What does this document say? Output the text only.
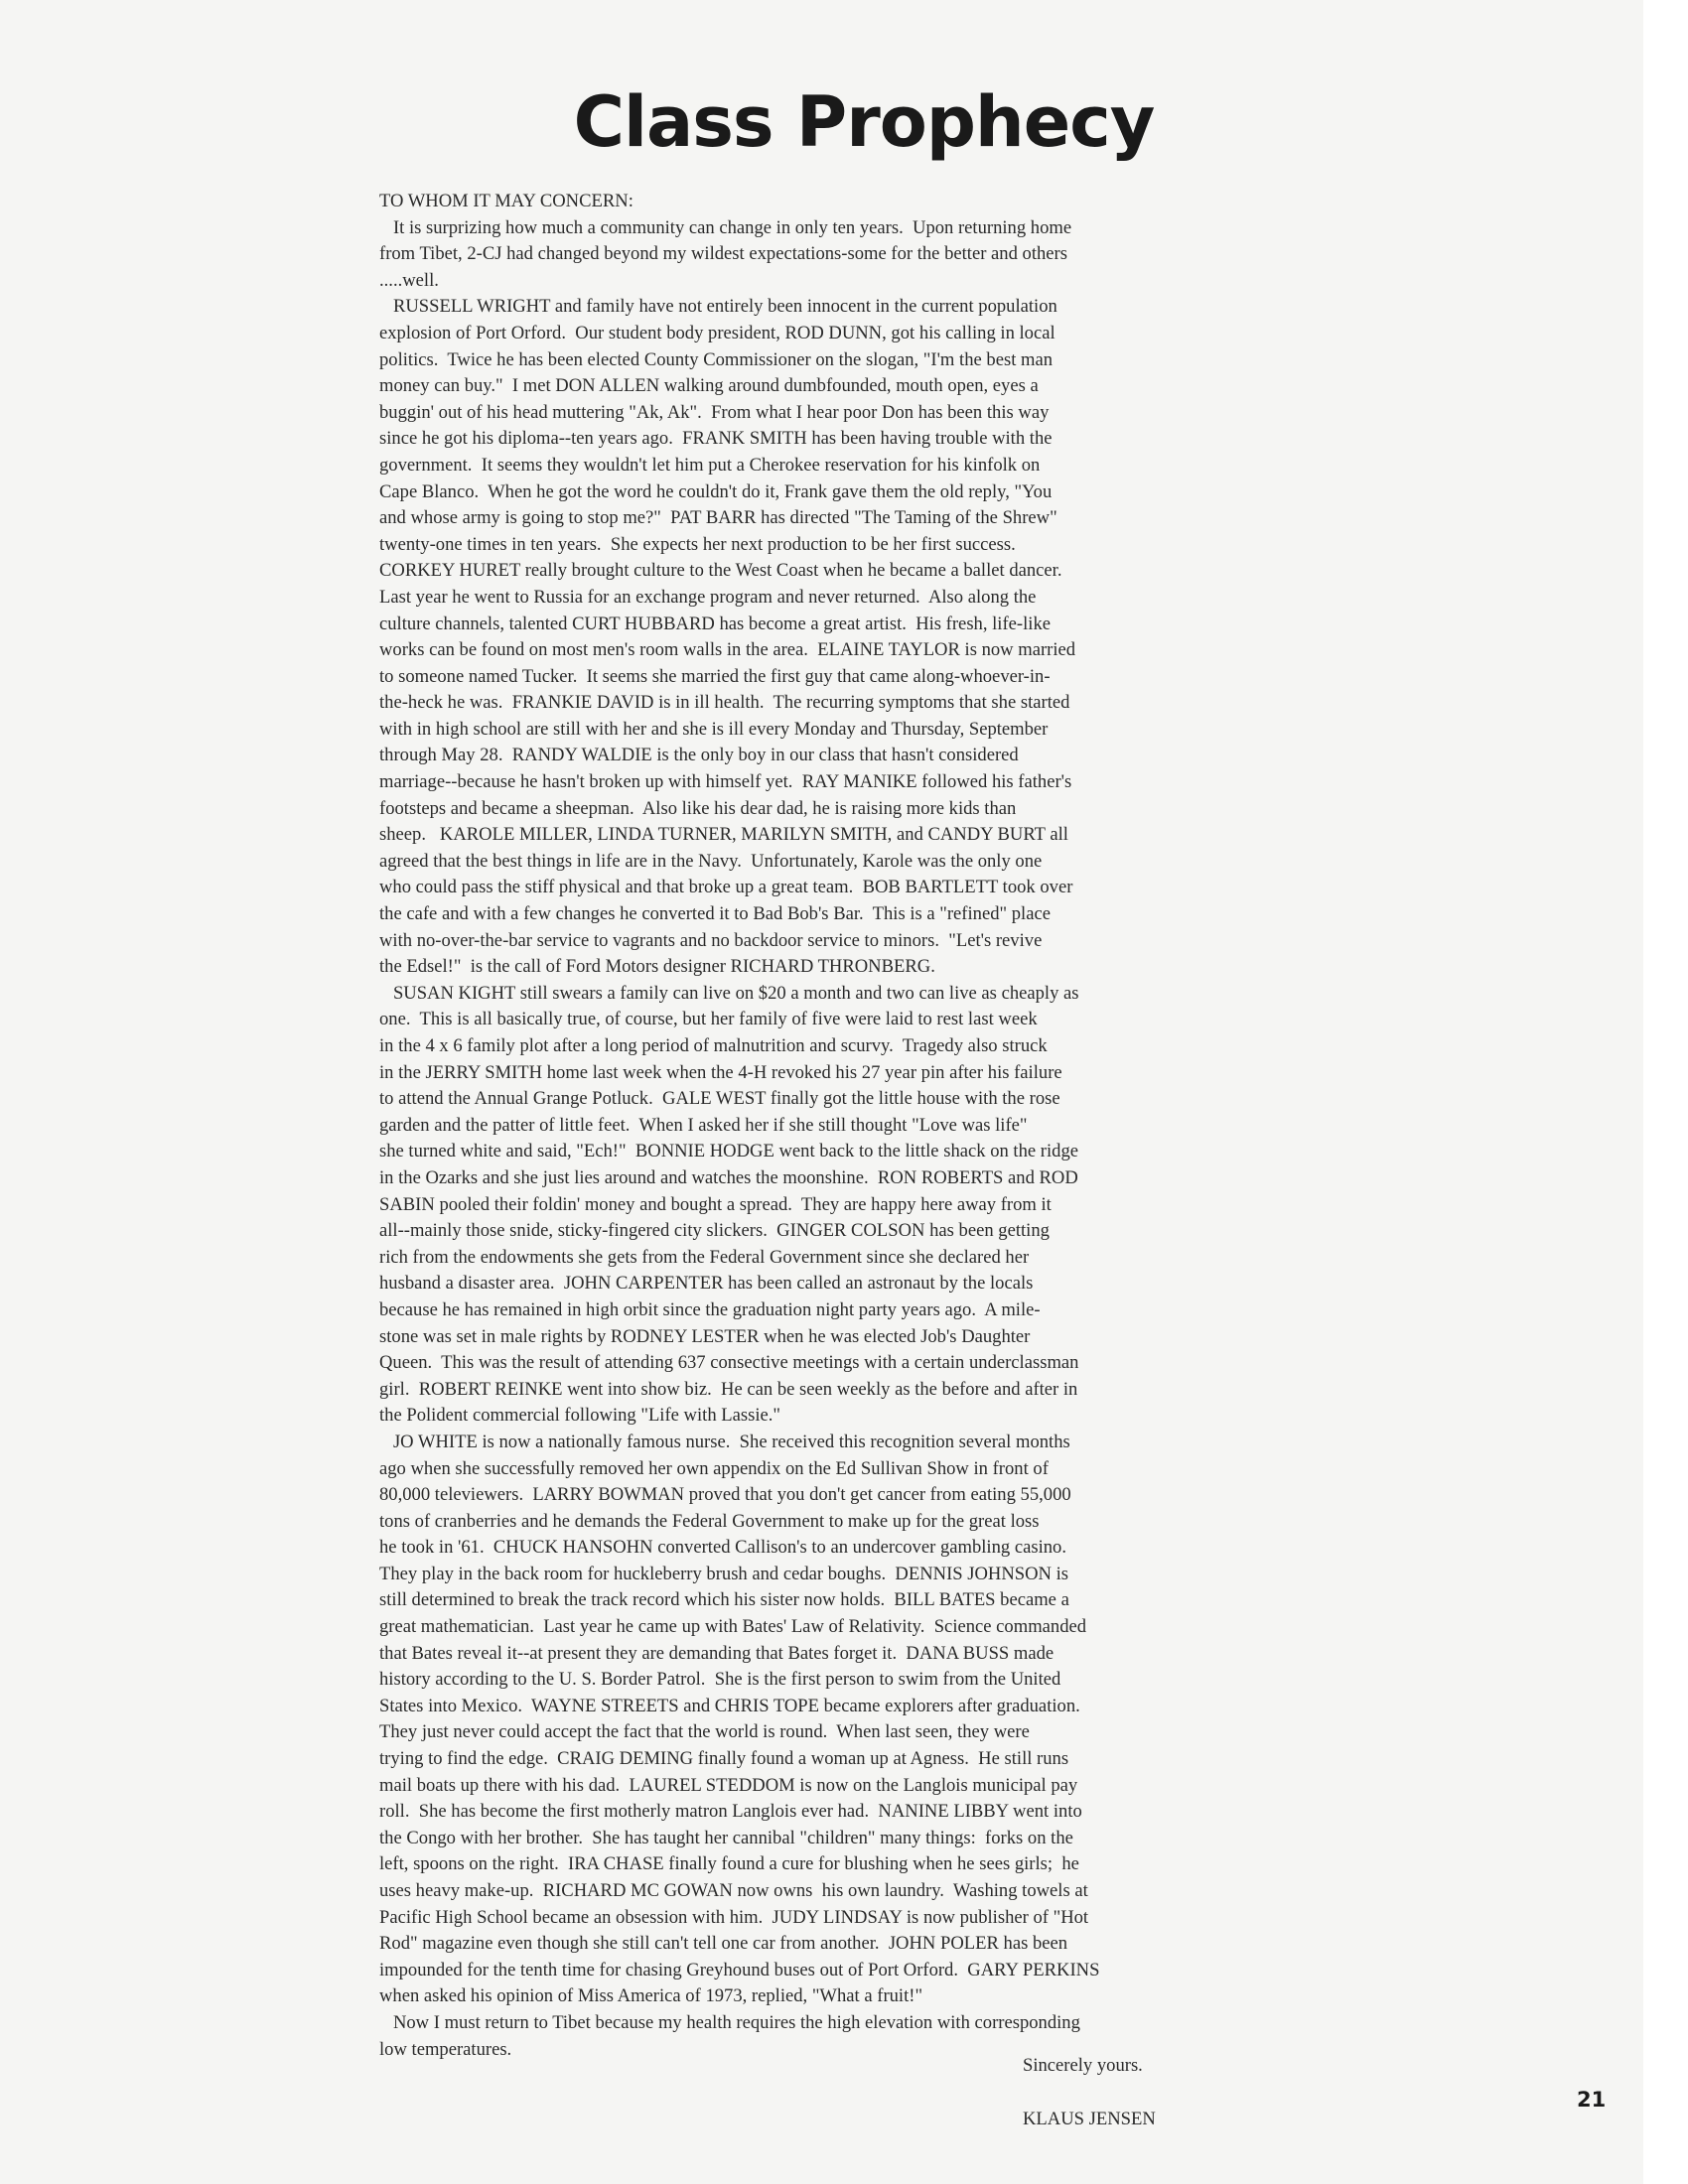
Class Prophecy
TO WHOM IT MAY CONCERN:
It is surprizing how much a community can change in only ten years.  Upon returning home
from Tibet, 2-CJ had changed beyond my wildest expectations-some for the better and others
.....well.
RUSSELL WRIGHT and family have not entirely been innocent in the current population
explosion of Port Orford.  Our student body president, ROD DUNN, got his calling in local
politics.  Twice he has been elected County Commissioner on the slogan, "I'm the best man
money can buy."  I met DON ALLEN walking around dumbfounded, mouth open, eyes a
buggin' out of his head muttering "Ak, Ak".  From what I hear poor Don has been this way
since he got his diploma--ten years ago.  FRANK SMITH has been having trouble with the
government.  It seems they wouldn't let him put a Cherokee reservation for his kinfolk on
Cape Blanco.  When he got the word he couldn't do it, Frank gave them the old reply, "You
and whose army is going to stop me?"  PAT BARR has directed "The Taming of the Shrew"
twenty-one times in ten years.  She expects her next production to be her first success.
CORKEY HURET really brought culture to the West Coast when he became a ballet dancer.
Last year he went to Russia for an exchange program and never returned.  Also along the
culture channels, talented CURT HUBBARD has become a great artist.  His fresh, life-like
works can be found on most men's room walls in the area.  ELAINE TAYLOR is now married
to someone named Tucker.  It seems she married the first guy that came along-whoever-in-
the-heck he was.  FRANKIE DAVID is in ill health.  The recurring symptoms that she started
with in high school are still with her and she is ill every Monday and Thursday, September
through May 28.  RANDY WALDIE is the only boy in our class that hasn't considered
marriage--because he hasn't broken up with himself yet.  RAY MANIKE followed his father's
footsteps and became a sheepman.  Also like his dear dad, he is raising more kids than
sheep.   KAROLE MILLER, LINDA TURNER, MARILYN SMITH, and CANDY BURT all
agreed that the best things in life are in the Navy.  Unfortunately, Karole was the only one
who could pass the stiff physical and that broke up a great team.  BOB BARTLETT took over
the cafe and with a few changes he converted it to Bad Bob's Bar.  This is a "refined" place
with no-over-the-bar service to vagrants and no backdoor service to minors.  "Let's revive
the Edsel!"  is the call of Ford Motors designer RICHARD THRONBERG.
SUSAN KIGHT still swears a family can live on $20 a month and two can live as cheaply as
one.  This is all basically true, of course, but her family of five were laid to rest last week
in the 4 x 6 family plot after a long period of malnutrition and scurvy.  Tragedy also struck
in the JERRY SMITH home last week when the 4-H revoked his 27 year pin after his failure
to attend the Annual Grange Potluck.  GALE WEST finally got the little house with the rose
garden and the patter of little feet.  When I asked her if she still thought "Love was life"
she turned white and said, "Ech!"  BONNIE HODGE went back to the little shack on the ridge
in the Ozarks and she just lies around and watches the moonshine.  RON ROBERTS and ROD
SABIN pooled their foldin' money and bought a spread.  They are happy here away from it
all--mainly those snide, sticky-fingered city slickers.  GINGER COLSON has been getting
rich from the endowments she gets from the Federal Government since she declared her
husband a disaster area.  JOHN CARPENTER has been called an astronaut by the locals
because he has remained in high orbit since the graduation night party years ago.  A mile-
stone was set in male rights by RODNEY LESTER when he was elected Job's Daughter
Queen.  This was the result of attending 637 consective meetings with a certain underclassman
girl.  ROBERT REINKE went into show biz.  He can be seen weekly as the before and after in
the Polident commercial following "Life with Lassie."
JO WHITE is now a nationally famous nurse.  She received this recognition several months
ago when she successfully removed her own appendix on the Ed Sullivan Show in front of
80,000 televiewers.  LARRY BOWMAN proved that you don't get cancer from eating 55,000
tons of cranberries and he demands the Federal Government to make up for the great loss
he took in '61.  CHUCK HANSOHN converted Callison's to an undercover gambling casino.
They play in the back room for huckleberry brush and cedar boughs.  DENNIS JOHNSON is
still determined to break the track record which his sister now holds.  BILL BATES became a
great mathematician.  Last year he came up with Bates' Law of Relativity.  Science commanded
that Bates reveal it--at present they are demanding that Bates forget it.  DANA BUSS made
history according to the U. S. Border Patrol.  She is the first person to swim from the United
States into Mexico.  WAYNE STREETS and CHRIS TOPE became explorers after graduation.
They just never could accept the fact that the world is round.  When last seen, they were
trying to find the edge.  CRAIG DEMING finally found a woman up at Agness.  He still runs
mail boats up there with his dad.  LAUREL STEDDOM is now on the Langlois municipal pay
roll.  She has become the first motherly matron Langlois ever had.  NANINE LIBBY went into
the Congo with her brother.  She has taught her cannibal "children" many things:  forks on the
left, spoons on the right.  IRA CHASE finally found a cure for blushing when he sees girls;  he
uses heavy make-up.  RICHARD MC GOWAN now owns  his own laundry.  Washing towels at
Pacific High School became an obsession with him.  JUDY LINDSAY is now publisher of "Hot
Rod" magazine even though she still can't tell one car from another.  JOHN POLER has been
impounded for the tenth time for chasing Greyhound buses out of Port Orford.  GARY PERKINS
when asked his opinion of Miss America of 1973, replied, "What a fruit!"
Now I must return to Tibet because my health requires the high elevation with corresponding
low temperatures.
Sincerely yours.
KLAUS JENSEN
21
